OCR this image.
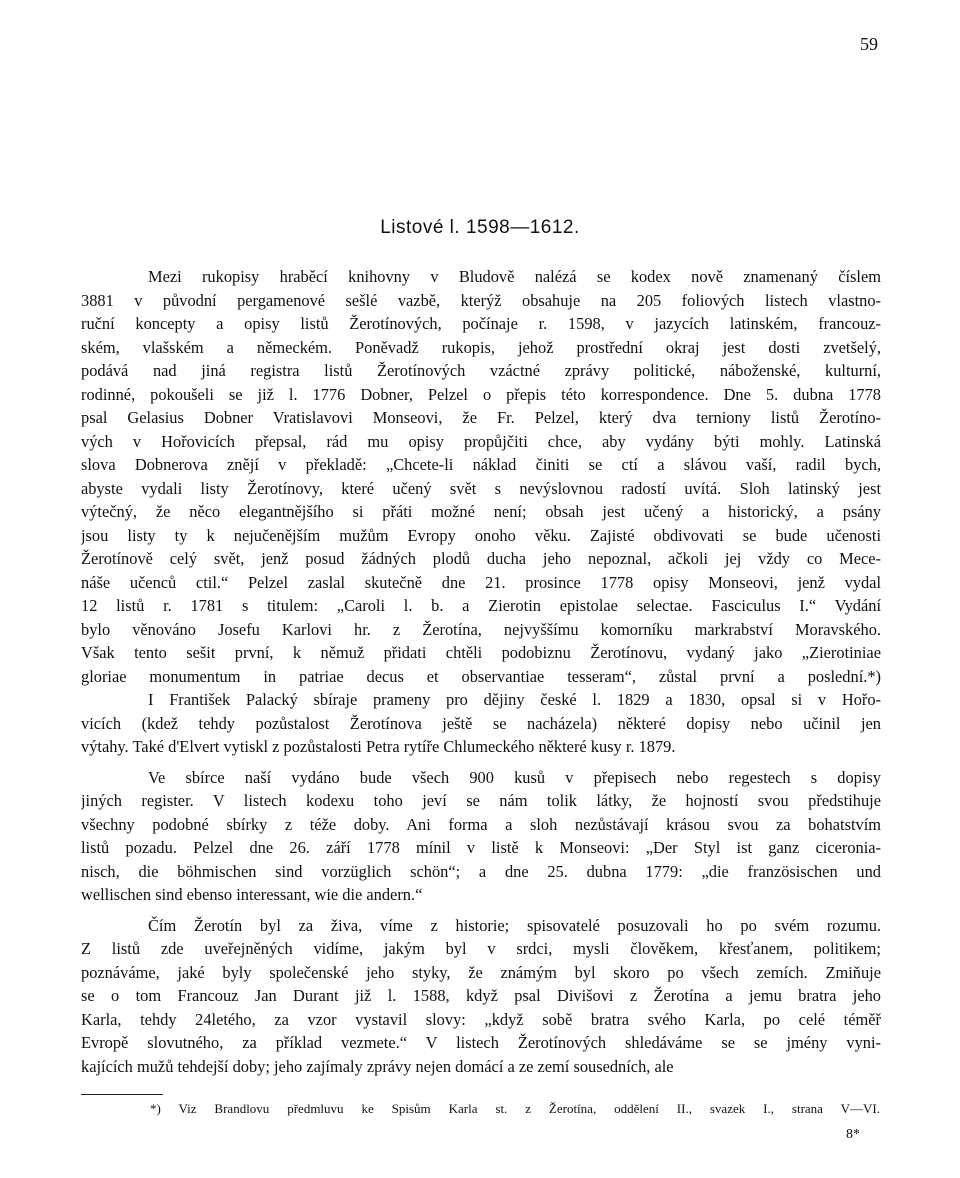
59
Listové l. 1598—1612.
Mezi rukopisy hraběcí knihovny v Bludově nalézá se kodex nově znamenaný číslem
3881 v původní pergamenové sešlé vazbě, kterýž obsahuje na 205 foliových listech vlastno-
ruční koncepty a opisy listů Žerotínových, počínaje r. 1598, v jazycích latinském, francouz-
ském, vlašském a německém. Poněvadž rukopis, jehož prostřední okraj jest dosti zvetšelý,
podává nad jiná registra listů Žerotínových vzáctné zprávy politické, náboženské, kulturní,
rodinné, pokoušeli se již l. 1776 Dobner, Pelzel o přepis této korrespondence. Dne 5. dubna 1778
psal Gelasius Dobner Vratislavovi Monseovi, že Fr. Pelzel, který dva terniony listů Žerotíno-
vých v Hořovicích přepsal, rád mu opisy propůjčiti chce, aby vydány býti mohly. Latinská
slova Dobnerova znějí v překladě: „Chcete-li náklad činiti se ctí a slávou vaší, radil bych,
abyste vydali listy Žerotínovy, které učený svět s nevýslovnou radostí uvítá. Sloh latinský jest
výtečný, že něco elegantnějšího si přáti možné není; obsah jest učený a historický, a psány
jsou listy ty k nejučenějším mužům Evropy onoho věku. Zajisté obdivovati se bude učenosti
Žerotínově celý svět, jenž posud žádných plodů ducha jeho nepoznal, ačkoli jej vždy co Mece-
náše učenců ctil.“ Pelzel zaslal skutečně dne 21. prosince 1778 opisy Monseovi, jenž vydal
12 listů r. 1781 s titulem: „Caroli l. b. a Zierotin epistolae selectae. Fasciculus I.“ Vydání
bylo věnováno Josefu Karlovi hr. z Žerotína, nejvyššímu komorníku markrabství Moravského.
Však tento sešit první, k němuž přidati chtěli podobiznu Žerotínovu, vydaný jako „Zierotiniae
gloriae monumentum in patriae decus et observantiae tesseram“, zůstal první a poslední.*)
I František Palacký sbíraje prameny pro dějiny české l. 1829 a 1830, opsal si v Hořo-
vicích (kdež tehdy pozůstalost Žerotínova ještě se nacházela) některé dopisy nebo učinil jen
výtahy. Také d'Elvert vytiskl z pozůstalosti Petra rytíře Chlumeckého některé kusy r. 1879.
Ve sbírce naší vydáno bude všech 900 kusů v přepisech nebo regestech s dopisy
jiných register. V listech kodexu toho jeví se nám tolik látky, že hojností svou předstihuje
všechny podobné sbírky z téže doby. Ani forma a sloh nezůstávají krásou svou za bohatstvím
listů pozadu. Pelzel dne 26. září 1778 mínil v listě k Monseovi: „Der Styl ist ganz ciceronia-
nisch, die böhmischen sind vorzüglich schön“; a dne 25. dubna 1779: „die französischen und
wellischen sind ebenso interessant, wie die andern.“
Čím Žerotín byl za živa, víme z historie; spisovatelé posuzovali ho po svém rozumu.
Z listů zde uveřejněných vidíme, jakým byl v srdci, mysli člověkem, křesťanem, politikem;
poznáváme, jaké byly společenské jeho styky, že známým byl skoro po všech zemích. Zmiňuje
se o tom Francouz Jan Durant již l. 1588, když psal Divišovi z Žerotína a jemu bratra jeho
Karla, tehdy 24letého, za vzor vystavil slovy: „když sobě bratra svého Karla, po celé téměř
Evropě slovutného, za příklad vezmete.“ V listech Žerotínových shledáváme se se jmény vyni-
kajících mužů tehdejší doby; jeho zajímaly zprávy nejen domácí a ze zemí sousedních, ale
*) Viz Brandlovu předmluvu ke Spisům Karla st. z Žerotína, oddělení II., svazek I., strana V—VI.
8*
